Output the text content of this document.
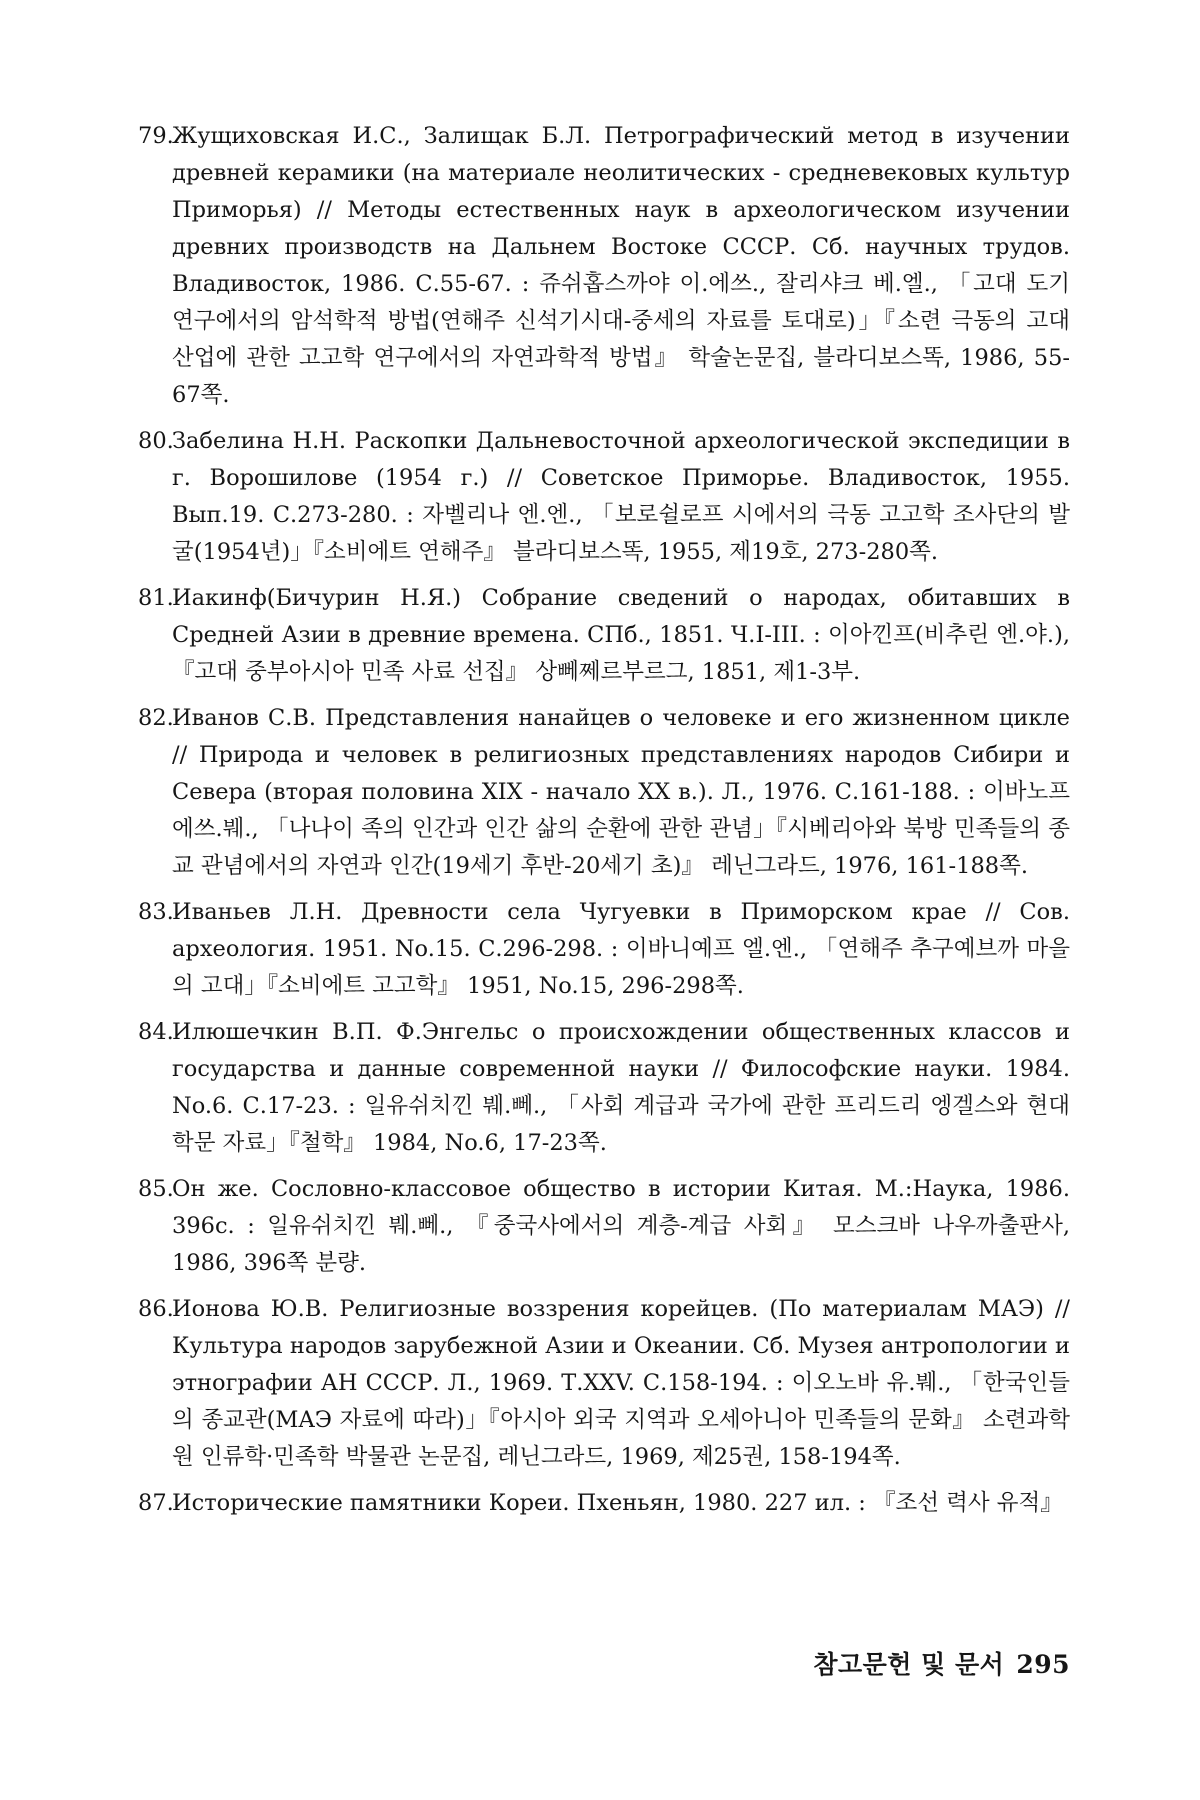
79.
Жущиховская И.С., Залищак Б.Л. Петрографический метод в изучении древней керамики (на материале неолитических - средневековых культур Приморья) // Методы естественных наук в археологическом изучении древних производств на Дальнем Востоке СССР. Сб. научных трудов. Владивосток, 1986. С.55-67. : 쥬쉬홉스까야 이.에쓰., 잘리샤크 베.엘., 「고대 도기 연구에서의 암석학적 방법(연해주 신석기시대-중세의 자료를 토대로)」『소련 극동의 고대 산업에 관한 고고학 연구에서의 자연과학적 방법』 학술논문집, 블라디보스똑, 1986, 55-67쪽.
80.
Забелина Н.Н. Раскопки Дальневосточной археологической экспедиции в г. Ворошилове (1954 г.) // Советское Приморье. Владивосток, 1955. Вып.19. С.273-280. : 자벨리나 엔.엔., 「보로쉴로프 시에서의 극동 고고학 조사단의 발굴(1954년)」『소비에트 연해주』 블라디보스똑, 1955, 제19호, 273-280쪽.
81.
Иакинф(Бичурин Н.Я.) Собрание сведений о народах, обитавших в Средней Азии в древние времена. СПб., 1851. Ч.I-III. : 이아낀프(비추린 엔.야.), 『고대 중부아시아 민족 사료 선집』 상뻬쩨르부르그, 1851, 제1-3부.
82.
Иванов С.В. Представления нанайцев о человеке и его жизненном цикле // Природа и человек в религиозных представлениях народов Сибири и Севера (вторая половина XIX - начало XX в.). Л., 1976. С.161-188. : 이바노프 에쓰.붸., 「나나이 족의 인간과 인간 삶의 순환에 관한 관념」『시베리아와 북방 민족들의 종교 관념에서의 자연과 인간(19세기 후반-20세기 초)』 레닌그라드, 1976, 161-188쪽.
83.
Иваньев Л.Н. Древности села Чугуевки в Приморском крае // Сов. археология. 1951. No.15. С.296-298. : 이바니예프 엘.엔., 「연해주 추구예브까 마을의 고대」『소비에트 고고학』 1951, No.15, 296-298쪽.
84.
Илюшечкин В.П. Ф.Энгельс о происхождении общественных классов и государства и данные современной науки // Философские науки. 1984. No.6. С.17-23. : 일유쉬치낀 붸.뻬., 「사회 계급과 국가에 관한 프리드리 엥겔스와 현대 학문 자료」『철학』 1984, No.6, 17-23쪽.
85.
Он же. Сословно-классовое общество в истории Китая. М.:Наука, 1986. 396с. : 일유쉬치낀 붸.뻬., 『중국사에서의 계층-계급 사회』 모스크바 나우까출판사, 1986, 396쪽 분량.
86.
Ионова Ю.В. Религиозные воззрения корейцев. (По материалам МАЭ) // Культура народов зарубежной Азии и Океании. Сб. Музея антропологии и этнографии АН СССР. Л., 1969. Т.XXV. С.158-194. : 이오노바 유.붸., 「한국인들의 종교관(MAЭ 자료에 따라)」『아시아 외국 지역과 오세아니아 민족들의 문화』 소련과학원 인류학·민족학 박물관 논문집, 레닌그라드, 1969, 제25권, 158-194쪽.
87.
Исторические памятники Кореи. Пхеньян, 1980. 227 ил. : 『조선 력사 유적』
참고문헌 및 문서 295
